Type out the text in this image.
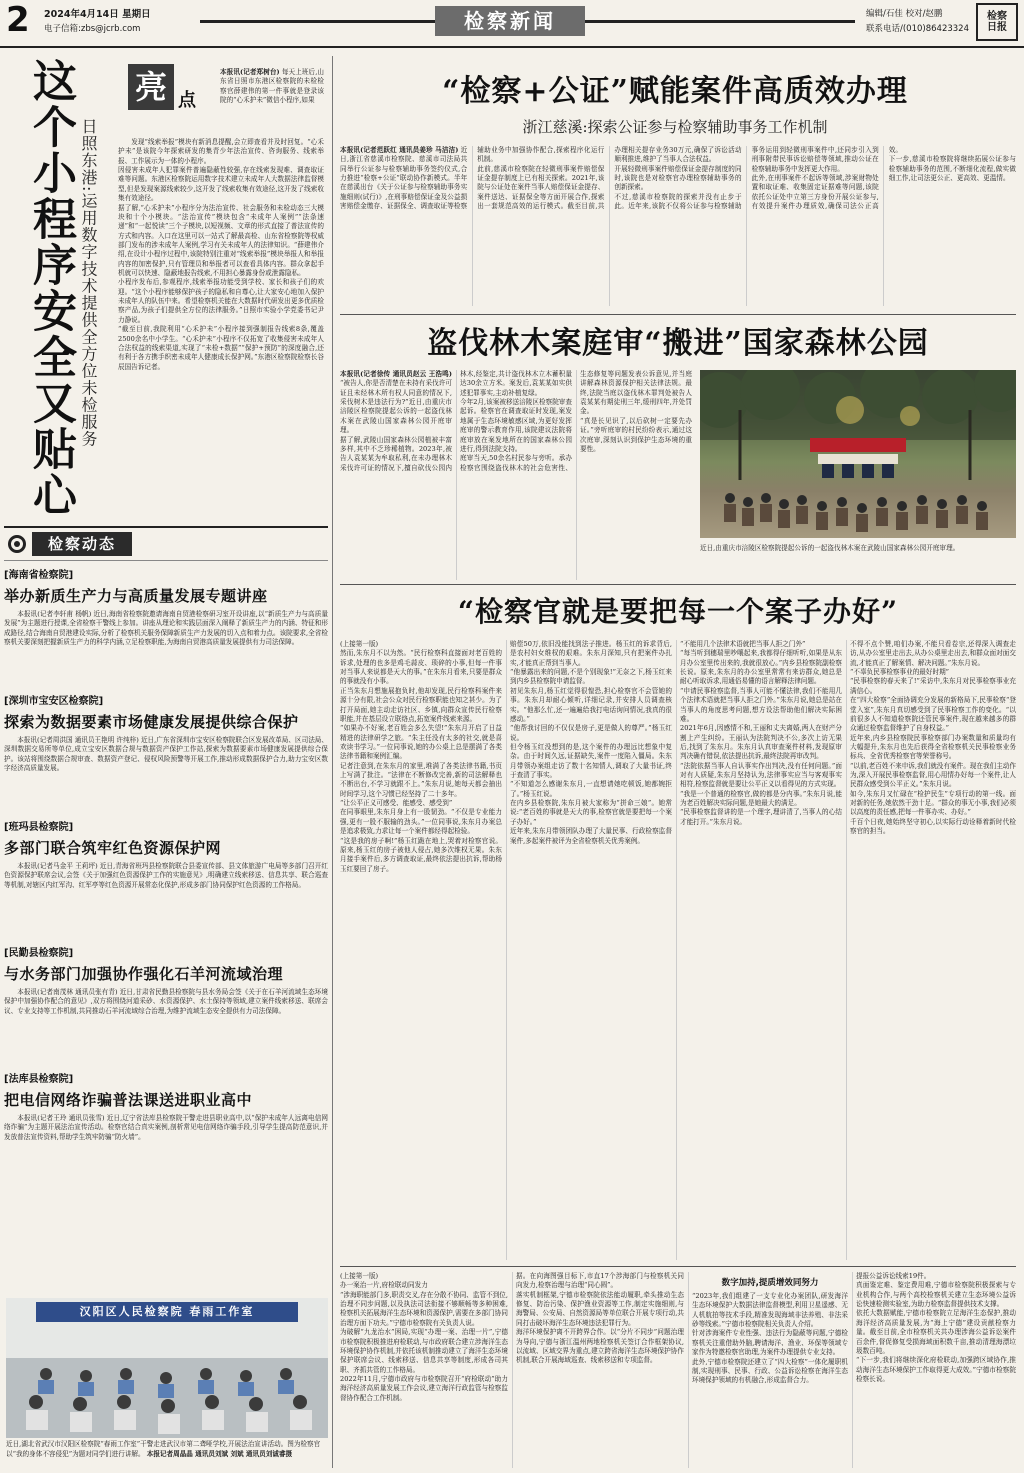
2 2024年4月14日 星期日
电子信箱:zbs@jcrb.com	检察新闻	编辑/石佳 校对/赵鹏
联系电话/(010)86423324
检察日报
这个小程序安全又贴心 日照东港:运用数字技术提供全方位未检服务
亮 点
本报讯(记者郑树台) 每天上班后,山东省日照市东港区检察院的未检检察官薛建伟的第一件事就是登录该院的“心禾护未”微信小程序,如果
发现“线索举报”模块有新消息提醒,会立即查看并及时回复。“心禾护未”是该院今年探索研发的集青少年法治宣传、咨询服务、线索举报、工作展示为一体的小程序。
因侵害未成年人犯罪案件普遍隐蔽性较强,存在线索发现难、调查取证难等问题。东港区检察院运用数字技术建立未成年人大数据法律监督模型,但是发现案源线索较少,这开发了线索收集有效途径,这开发了线索收集有效途径。
据了解,“心禾护未”小程序分为法治宣传、社会服务和未检动态三大模块和十个小模块。“法治宣传”模块包含“未成年人案例”“法条速递”和“一起悦读”三个子模块,以短视频、文章的形式直接了普法宣传的方式和内容。入口在这里可以一站式了解最高检、山东省检察院等权威部门发布的涉未成年人案例,学习有关未成年人的法律知识。“薛建伟介绍,在设计小程序过程中,该院特别注重对“线索举报”模块举报人和举报内容的加密保护,只有管理员和举报者可以查看具体内容。群众拿起手机就可以快速、隐蔽地报告线索,不用担心暴露身份或泄露隐私。
小程序发布后,参观程序,线索举报功能受到学校、家长和孩子们的欢迎。“这个小程序能够保护孩子的隐私和自尊心,让大家安心地加入保护未成年人的队伍中来。希望检察机关能在大数据时代研发出更多优质检察产品,为孩子们提供全方位的法律服务。”日照市实验小学党委书记尹力静说。
“截至目前,我院利用“心禾护未”小程序接到强制报告线索8条,覆盖2500余名中小学生。“心禾护未”小程序不仅拓宽了收集侵害未成年人合法权益的线索渠道,实现了“未检+数据”“保护+预防”的深度融合,还有利于各方携手织密未成年人健康成长保护网。”东港区检察院检察长谷辰国告诉记者。
“检察+公证”赋能案件高质效办理
浙江慈溪:探索公证参与检察辅助事务工作机制
本报讯(记者范跃红 通讯员姜珍 马洁洁) 近日,浙江省慈溪市检察院、慈溪市司法局共同举行公证参与检察辅助事务签约仪式,合力推进“检察+公证”联动协作新模式。半年在慈溪出台《关于公证参与检察辅助事务实施细则(试行)》,在刑事赔偿保证金及公益损害赔偿金缴存、证据保全、调查取证等检察辅助业务中加强协作配合,探索程序化运行机制。
此前,慈溪市检察院在轻微刑事案件赔偿保证金提存制度上已有相关探索。2021年,该院与公证处在案件当事人赔偿保证金提存、案件送达、证据保全等方面开展合作,探索出一套规范高效的运行模式。截至目前,共办理相关提存业务30万元,确保了诉讼活动顺利推进,维护了当事人合法权益。
开展轻微刑事案件赔偿保证金提存制度的同时,该院也是对检察官办理检察辅助事务的创新探索。
不过,慈溪市检察院的探索并没有止步于此。近年来,该院不仅将公证参与检察辅助事务运用到轻微刑事案件中,还同步引入到刑事附带民事诉讼赔偿等领域,推动公证在检察辅助事务中发挥更大作用。
此外,在刑事案件不起诉等领域,涉案财物处置和取证难、收集固定证据难等问题,该院依托公证处中立第三方身份开展公证参与,有效提升案件办理质效,确保司法公正高效。
下一步,慈溪市检察院将继续拓展公证参与检察辅助事务的范围,不断细化流程,做实做细工作,让司法更公正、更高效、更温情。
盗伐林木案庭审“搬进”国家森林公园
本报讯(记者徐传 通讯员赵云 王浩鸣) “被告人,你是否清楚在未持有采伐许可证且未经林木所有权人同意的情况下,采伐树木是违法行为?”近日,由重庆市涪陵区检察院提起公诉的一起盗伐林木案在武陵山国家森林公园开庭审理。
据了解,武陵山国家森林公园植被丰富多样,其中不乏珍稀植物。2023年,被告人袁某某为牟取私利,在未办理林木采伐许可证的情况下,擅自砍伐公园内林木,经鉴定,共计盗伐林木立木蓄积量达30余立方米。案发后,袁某某如实供述犯罪事实,主动补植复绿。
今年2月,该案被移送涪陵区检察院审查起诉。检察官在调查取证时发现,案发地属于生态环境敏感区域,为更好发挥庭审的警示教育作用,该院建议法院将庭审放在案发地所在的国家森林公园进行,得到法院支持。
庭审当天,50余名村民参与旁听。承办检察官围绕盗伐林木的社会危害性、生态修复等问题发表公诉意见,并当庭讲解森林资源保护相关法律法规。最终,法院当庭以盗伐林木罪判处被告人袁某某有期徒刑三年,缓刑四年,并处罚金。
“真是长见识了,以后砍树一定要先办证。”旁听庭审的村民纷纷表示,通过这次庭审,深刻认识到保护生态环境的重要性。
近日,由重庆市涪陵区检察院提起公诉的一起盗伐林木案在武陵山国家森林公园开庭审理。
检察动态
[海南省检察院]
举办新质生产力与高质量发展专题讲座
本报讯(记者李轩甫 杨帆) 近日,海南省检察院邀请海南自贸港检察研习室开设讲座,以“新质生产力与高质量发展”为主题进行授课,全省检察干警线上参加。讲座从理论和实践层面深入阐释了新质生产力的内涵、特征和形成路径,结合海南自贸港建设实际,分析了检察机关服务保障新质生产力发展的切入点和着力点。该院要求,全省检察机关要深刻把握新质生产力的科学内涵,立足检察职能,为海南自贸港高质量发展提供有力司法保障。
[深圳市宝安区检察院]
探索为数据要素市场健康发展提供综合保护
本报讯(记者周洪国 通讯员王艳明 许纯梓) 近日,广东省深圳市宝安区检察院联合区发展改革局、区司法局、深圳数据交易所等单位,成立宝安区数据合规与数据资产保护工作站,探索为数据要素市场健康发展提供综合保护。该站将围绕数据合规审查、数据资产登记、侵权风险预警等开展工作,推动形成数据保护合力,助力宝安区数字经济高质量发展。
[班玛县检察院]
多部门联合筑牢红色资源保护网
本报讯(记者马金平 王莉坪) 近日,青海省班玛县检察院联合县委宣传部、县文体旅游广电局等多部门召开红色资源保护联席会议,会签《关于加强红色资源保护工作的实施意见》,明确建立线索移送、信息共享、联合巡查等机制,对辖区内红军沟、红军亭等红色资源开展常态化保护,形成多部门协同保护红色资源的工作格局。
[民勤县检察院]
与水务部门加强协作强化石羊河流域治理
本报讯(记者南茂林 通讯员张有青) 近日,甘肃省民勤县检察院与县水务局会签《关于在石羊河流域生态环境保护中加强协作配合的意见》,双方将围绕河道采砂、水资源保护、水土保持等领域,建立案件线索移送、联席会议、专业支持等工作机制,共同推动石羊河流域综合治理,为维护流域生态安全提供有力司法保障。
[法库县检察院]
把电信网络诈骗普法课送进职业高中
本报讯(记者王玲 通讯员张雪) 近日,辽宁省法库县检察院干警走进县职业高中,以“保护未成年人远离电信网络诈骗”为主题开展法治宣传活动。检察官结合真实案例,剖析常见电信网络诈骗手段,引导学生提高防范意识,并发放普法宣传资料,帮助学生筑牢防骗“防火墙”。
汉阳区人民检察院 春雨工作室
近日,湖北省武汉市汉阳区检察院“春雨工作室”干警走进武汉市第二聋哑学校,开展法治宣讲活动。图为检察官以“我的身体不容侵犯”为题对同学们进行讲解。 本报记者周晶晶 通讯员刘斌 刘斌 通讯员刘诚睿摄
“检察官就是要把每一个案子办好”
(上接第一版)
然而,朱东月不以为然。“民行检察科直接面对老百姓的诉求,处理的也多是鸡毛蒜皮、琐碎的小事,但每一件事对当事人来说都是天大的事。”在朱东月看来,只要是群众的事就没有小事。
正当朱东月想施展抱负时,他却发现,民行检察科案件来源十分有限,社会公众对民行检察职能也知之甚少。为了打开局面,她主动走访社区、乡镇,向群众宣传民行检察职能,并在基层设立联络点,拓宽案件线索来源。
“如果办不好案,老百姓会多么失望!”朱东月开启了日益精进的法律研学之旅。“朱主任没有太多的社交,就是喜欢读书学习。”一位同事说,她的办公桌上总是摆满了各类法律书籍和案例汇编。
记者注意到,在朱东月的家里,堆满了各类法律书籍,书页上写满了批注。“法律在不断修改完善,新的司法解释也不断出台,不学习就跟不上。”朱东月说,她每天都会抽出时间学习,这个习惯已经坚持了二十多年。
“让公平正义可感受、能感受、感受到”
在同事眼里,朱东月身上有一股韧劲。“不仅是专业能力强,更有一股不服输的劲头。”一位同事说,朱东月办案总是追求极致,力求让每一个案件都经得起检验。
“这是我的房子啊!”杨玉红跪在地上,哭着对检察官说。原来,杨玉红的房子被他人侵占,她多次维权无果。朱东月接手案件后,多方调查取证,最终依法提出抗诉,帮助杨玉红要回了房子。
赔偿50万,依旧没能找到法子推进。杨玉红的诉求背后,是农村妇女维权的艰难。朱东月深知,只有把案件办扎实,才能真正帮到当事人。
“他暴露出来的问题,不是个别现象!”无奈之下,杨玉红来到内乡县检察院申请监督。
初见朱东月,杨玉红觉得很惶恐,担心检察官不会管她的事。朱东月却耐心倾听,详细记录,并安排人员调查核实。“他那么忙,还一遍遍给我打电话询问情况,我真的很感动。”
“他帮我讨回的不仅仅是房子,更是做人的尊严。”杨玉红说。
但令杨玉红没想到的是,这个案件的办理远比想象中复杂。由于时间久远,证据缺失,案件一度陷入僵局。朱东月带领办案组走访了数十名知情人,调取了大量书证,终于查清了事实。
“不知道怎么感谢朱东月,一直想请她吃顿饭,她都婉拒了。”杨玉红说。
在内乡县检察院,朱东月被大家称为“拼命三娘”。她常说:“老百姓的事就是天大的事,检察官就是要把每一个案子办好。”
近年来,朱东月带领团队办理了大量民事、行政检察监督案件,多起案件被评为全省检察机关优秀案例。
“不能用几个法律术语就把当事人拒之门外”
“每当听到穗瑞里吵嚷起来,我都得仔细听听,如果是从东月办公室里传出来的,我就很放心。”内乡县检察院副检察长说。原来,朱东月的办公室里常常有来访群众,她总是耐心听取诉求,用通俗易懂的语言解释法律问题。
“申请民事检察监督,当事人可能不懂法律,我们不能用几个法律术语就把当事人拒之门外。”朱东月说,她总是站在当事人的角度思考问题,想方设法帮助他们解决实际困难。
2021年6月,因感情不和,王丽和丈夫离婚,两人在财产分割上产生纠纷。王丽认为法院判决不公,多次上访无果后,找到了朱东月。朱东月认真审查案件材料,发现原审判决确有错误,依法提出抗诉,最终法院再审改判。
“法院依据当事人自认事实作出判决,没有任何问题。”面对有人质疑,朱东月坚持认为,法律事实应当与客观事实相符,检察监督就是要让公平正义以看得见的方式实现。
“我是一个普通的检察官,做的都是分内事。”朱东月说,能为老百姓解决实际问题,是她最大的满足。
“民事检察监督讲的是一个理字,理讲清了,当事人的心结才能打开。”朱东月说。
不得不点个赞,咱们办案,不能只看卷宗,还得深入调查走访,从办公室里走出去,从办公桌里走出去,和群众面对面交流,才能真正了解案情、解决问题。”朱东月说。
“不辜负民事检察事业的最好时期”
“民事检察的春天来了!”采访中,朱东月对民事检察事业充满信心。
在“四大检察”全面协调充分发展的新格局下,民事检察“登堂入室”,朱东月真切感受到了民事检察工作的变化。“以前很多人不知道检察院还管民事案件,现在越来越多的群众通过检察监督维护了自身权益。”
近年来,内乡县检察院民事检察部门办案数量和质量均有大幅提升,朱东月也先后获得全省检察机关民事检察业务标兵、全省优秀检察官等荣誉称号。
“以前,老百姓不来申诉,我们就没有案件。现在我们主动作为,深入开展民事检察监督,用心用情办好每一个案件,让人民群众感受到公平正义。”朱东月说。
如今,朱东月又忙碌在“检护民生”专项行动的第一线。面对新的任务,她依然干劲十足。“群众的事无小事,我们必须以高度的责任感,把每一件事办实、办好。”
千百个日夜,她始终坚守初心,以实际行动诠释着新时代检察官的担当。
(上接第一版)
办一案治一片,府检联动同发力
“涉海职能部门多,职责交叉,存在分散不协同、监管不到位,治理不同步问题,以及执法司法衔接不够顺畅等多种困难,检察机关拓展海洋生态环境和资源保护,需要在多部门协同治理方面下功夫。”宁德市检察院有关负责人说。
为破解“九龙治水”困局,实现“办理一案、治理一片”,宁德市检察院积极推进府检联动,与市政府联合建立涉海洋生态环境保护协作机制,并依托该机制推动建立了海洋生态环境保护联席会议、线索移送、信息共享等制度,形成各司其职、齐抓共管的工作格局。
2022年11月,宁德市政府与市检察院召开“府检联动”助力海洋经济高质量发展工作会议,建立海洋行政监管与检察监督协作配合工作机制。
据。在向海图强目标下,市直17个涉海部门与检察机关同向发力,检察治理与治理“同心圆”。
落实机制框架,宁德市检察院依法能动履职,牵头推动生态修复、防治污染、保护渔业资源等工作,制定实施细则,与海警局、公安局、自然资源局等单位联合开展专项行动,共同打击破坏海洋生态环境违法犯罪行为。
海洋环境保护离不开跨界合作。以“分片不同步”问题治理为导向,宁德与浙江温州两地检察机关签订合作框架协议,以流域、区域交界为重点,建立跨省海洋生态环境保护协作机制,联合开展海域巡查、线索移送和专项监督。
数字加持,提质增效同努力
“2023年,我们组建了一支专业化办案团队,研发海洋生态环境保护大数据法律监督模型,利用卫星遥感、无人机航拍等技术手段,精准发现海域非法养殖、非法采砂等线索。”宁德市检察院相关负责人介绍。
针对涉海案件专业性强、违法行为隐蔽等问题,宁德检察机关注重借助外脑,聘请海洋、渔业、环保等领域专家作为特邀检察官助理,为案件办理提供专业支持。
此外,宁德市检察院还建立了“四大检察”一体化履职机制,实现刑事、民事、行政、公益诉讼检察在海洋生态环境保护领域的有机融合,形成监督合力。
提报公益诉讼线索19件。
真面鉴定难、鉴定费用难,宁德市检察院积极探索与专业机构合作,与两个高校检察机关建立生态环境公益诉讼快速检测实验室,为助力检察监督提供技术支撑。
依托大数据赋能,宁德市检察院立足海洋生态保护,推动海洋经济高质量发展,为“海上宁德”建设贡献检察力量。截至目前,全市检察机关共办理涉海公益诉讼案件百余件,督促修复受损海域面积数千亩,推动清理海漂垃圾数百吨。
“下一步,我们将继续深化府检联动,加强跨区域协作,推动海洋生态环境保护工作取得更大成效。”宁德市检察院检察长说。
